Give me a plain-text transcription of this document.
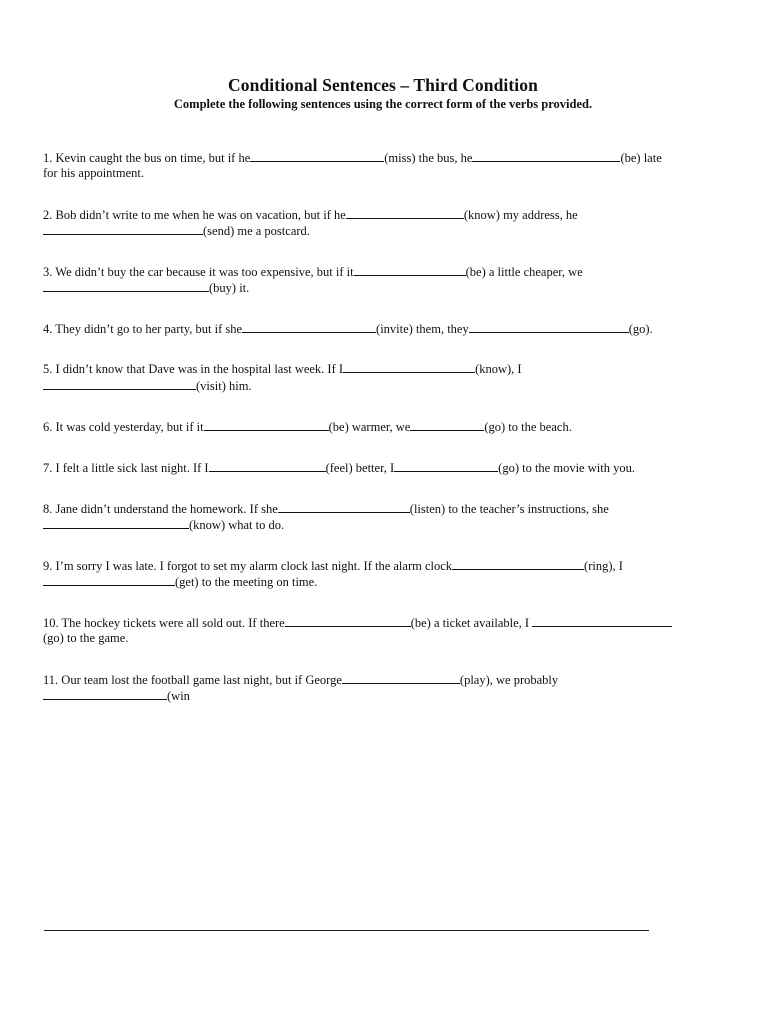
Conditional Sentences – Third Condition
Complete the following sentences using the correct form of the verbs provided.
1. Kevin caught the bus on time, but if he	(miss) the bus, he	(be) late
for his appointment.
2. Bob didn’t write to me when he was on vacation, but if he	(know) my address, he
(send) me a postcard.
3. We didn’t buy the car because it was too expensive, but if it	(be) a little cheaper, we
(buy) it.
4. They didn’t go to her party, but if she	(invite) them, they	(go).
5. I didn’t know that Dave was in the hospital last week. If I	(know), I
(visit) him.
6. It was cold yesterday, but if it	(be) warmer, we	(go) to the beach.
7. I felt a little sick last night. If I	(feel) better, I	(go) to the movie with you.
8. Jane didn’t understand the homework. If she	(listen) to the teacher’s instructions, she
(know) what to do.
9. I’m sorry I was late. I forgot to set my alarm clock last night. If the alarm clock	(ring), I
(get) to the meeting on time.
10. The hockey tickets were all sold out. If there	(be) a ticket available, I
(go) to the game.
11. Our team lost the football game last night, but if George	(play), we probably
(win
